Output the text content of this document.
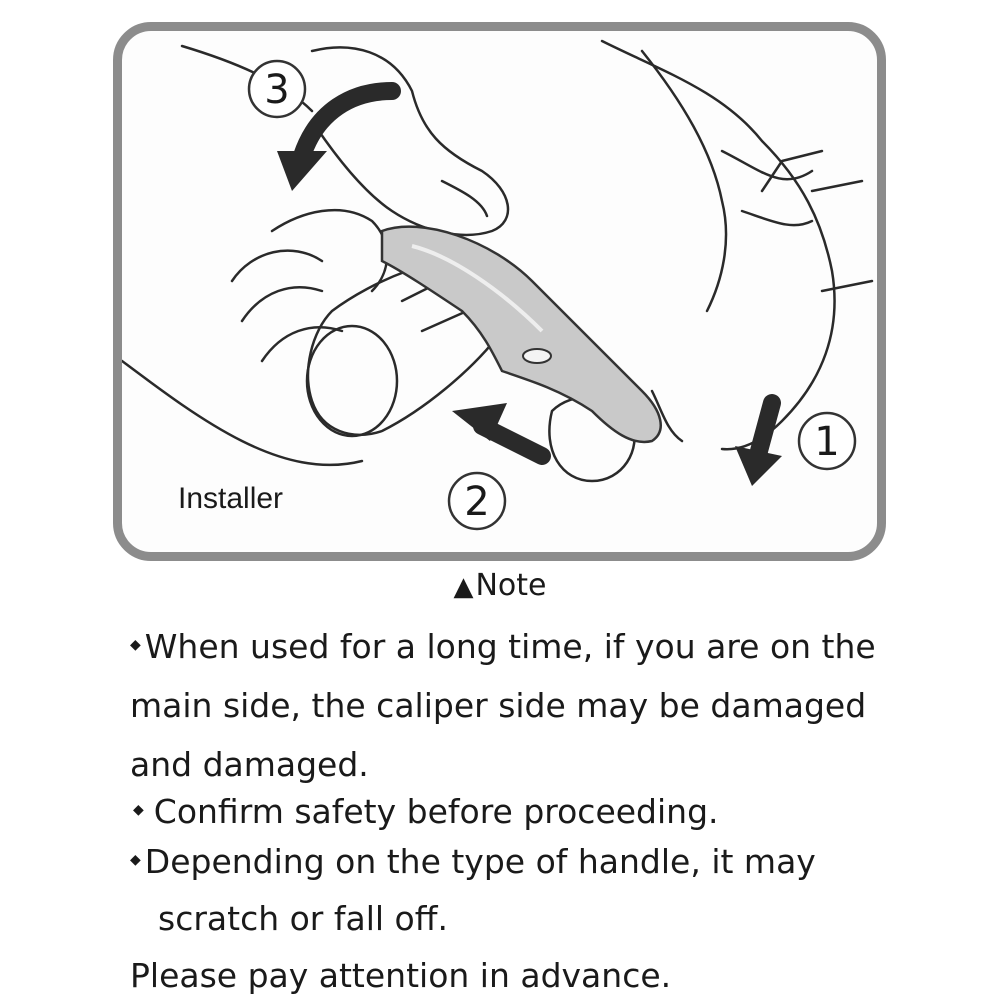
3
2
1
Installer
▲Note
◆ When used for a long time, if you are on the
main side, the caliper side may be damaged
and damaged.
◆ Confirm safety before proceeding.
◆ Depending on the type of handle, it may
scratch or fall off.
Please pay attention in advance.
